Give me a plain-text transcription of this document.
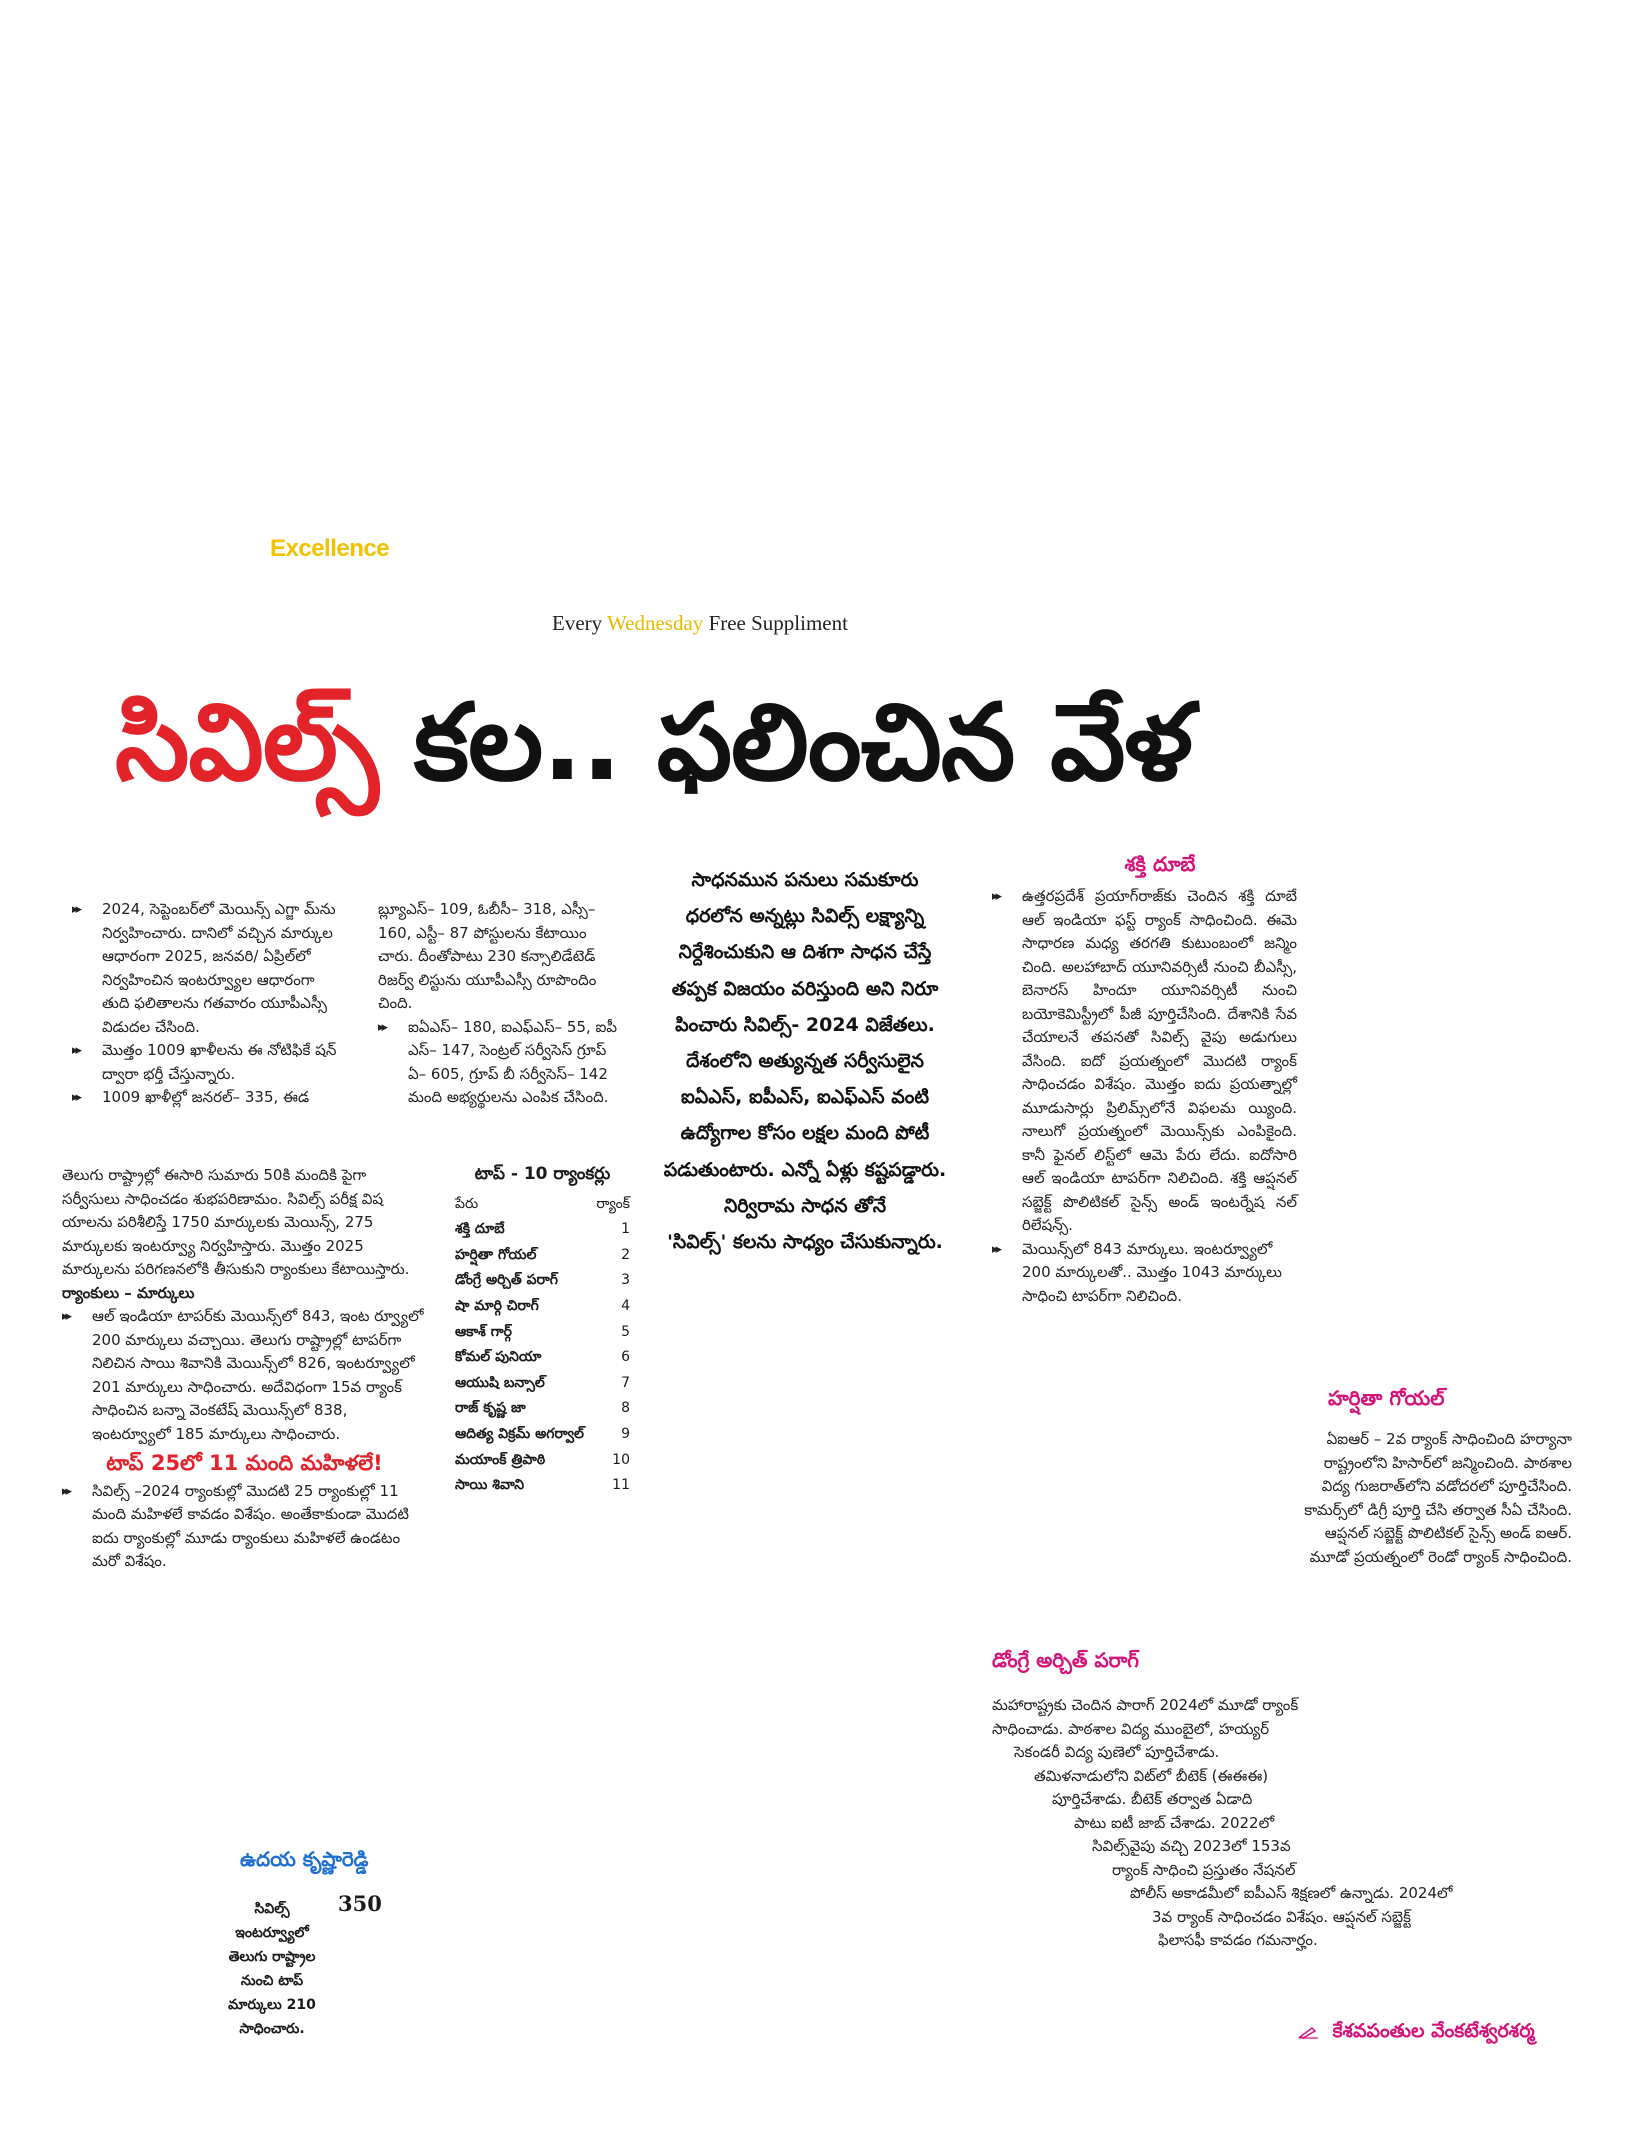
Excellence
Every Wednesday Free Suppliment
సివిల్స్ కల.. ఫలించిన వేళ

▸▸ 2024, సెప్టెంబర్‌లో మెయిన్స్ ఎగ్జా మ్‌ను నిర్వహించారు. దానిలో వచ్చిన మార్కుల ఆధారంగా 2025, జనవరి/ ఏప్రిల్‌లో నిర్వహించిన ఇంటర్వ్యూల ఆధారంగా తుది ఫలితాలను గతవారం యూపీఎస్సీ విడుదల చేసింది.

▸▸ మొత్తం 1009 ఖాళీలను ఈ నోటిఫికే షన్ ద్వారా భర్తీ చేస్తున్నారు.

▸▸ 1009 ఖాళీల్లో జనరల్– 335, ఈడ

బ్ల్యూఎస్– 109, ఓబీసీ– 318, ఎస్సీ– 160, ఎస్టీ– 87 పోస్టులను కేటాయిం చారు. దీంతోపాటు 230 కన్సాలిడేటెడ్ రిజర్వ్ లిస్టును యూపీఎస్సీ రూపొందిం చింది.

▸▸ ఐఏఎస్– 180, ఐఎఫ్ఎస్– 55, ఐపీ ఎస్– 147, సెంట్రల్ సర్వీసెస్ గ్రూప్ ఏ– 605, గ్రూప్ బీ సర్వీసెస్– 142 మంది అభ్యర్థులను ఎంపిక చేసింది.

తెలుగు రాష్ట్రాల్లో ఈసారి సుమారు 50కి మందికి పైగా సర్వీసులు సాధించడం శుభపరిణామం. సివిల్స్ పరీక్ష విష యాలను పరిశీలిస్తే 1750 మార్కులకు మెయిన్స్, 275 మార్కులకు ఇంటర్వ్యూ నిర్వహిస్తారు. మొత్తం 2025 మార్కులను పరిగణనలోకి తీసుకుని ర్యాంకులు కేటాయిస్తారు.

ర్యాంకులు – మార్కులు

▸▸ ఆల్ ఇండియా టాపర్‌కు మెయిన్స్‌లో 843, ఇంట ర్వ్యూలో 200 మార్కులు వచ్చాయి. తెలుగు రాష్ట్రాల్లో టాపర్‌గా నిలిచిన సాయి శివానికి మెయిన్స్‌లో 826, ఇంటర్వ్యూలో 201 మార్కులు సాధించారు. అదేవిధంగా 15వ ర్యాంక్ సాధించిన బన్నా వెంకటేష్ మెయిన్స్‌లో 838, ఇంటర్వ్యూలో 185 మార్కులు సాధించారు.

టాప్ 25లో 11 మంది మహిళలే!

▸▸ సివిల్స్ –2024 ర్యాంకుల్లో మొదటి 25 ర్యాంకుల్లో 11 మంది మహిళలే కావడం విశేషం. అంతేకాకుండా మొదటి ఐదు ర్యాంకుల్లో మూడు ర్యాంకులు మహిళలే ఉండటం మరో విశేషం.

టాప్ - 10 ర్యాంకర్లు
పేరు	ర్యాంక్
శక్తి దూబే	1
హర్షితా గోయల్	2
డోంగ్రే అర్చిత్ పరాగ్	3
షా మార్గి చిరాగ్	4
ఆకాశ్ గార్గ్	5
కోమల్ పునియా	6
ఆయుషి బన్సాల్	7
రాజ్ కృష్ణ జా	8
ఆదిత్య విక్రమ్ అగర్వాల్	9
మయాంక్ త్రిపాఠి	10
సాయి శివాని	11
సాధనమున పనులు సమకూరు
ధరలోన అన్నట్లు సివిల్స్ లక్ష్యాన్ని
నిర్దేశించుకుని ఆ దిశగా సాధన చేస్తే
తప్పక విజయం వరిస్తుంది అని నిరూ
పించారు సివిల్స్- 2024 విజేతలు.
దేశంలోని అత్యున్నత సర్వీసులైన
ఐఏఎస్, ఐపీఎస్, ఐఎఫ్ఎస్ వంటి
ఉద్యోగాల కోసం లక్షల మంది పోటీ
పడుతుంటారు. ఎన్నో ఏళ్లు కష్టపడ్డారు.
నిర్విరామ సాధన తోనే
'సివిల్స్' కలను సాధ్యం చేసుకున్నారు.
శక్తి దూబే

▸▸ ఉత్తరప్రదేశ్ ప్రయాగ్‌రాజ్‌కు చెందిన శక్తి దూబే ఆల్ ఇండియా ఫస్ట్ ర్యాంక్ సాధించింది. ఈమె సాధారణ మధ్య తరగతి కుటుంబంలో జన్మిం చింది. అలహాబాద్ యూనివర్సిటీ నుంచి బీఎస్సీ, బెనారస్ హిందూ యూనివర్సిటీ నుంచి బయోకెమిస్ట్రీలో పీజీ పూర్తిచేసింది. దేశానికి సేవ చేయాలనే తపనతో సివిల్స్ వైపు అడుగులు వేసింది. ఐదో ప్రయత్నంలో మొదటి ర్యాంక్ సాధించడం విశేషం. మొత్తం ఐదు ప్రయత్నాల్లో మూడుసార్లు ప్రిలిమ్స్‌లోనే విఫలమ య్యింది. నాలుగో ప్రయత్నంలో మెయిన్స్‌కు ఎంపికైంది. కానీ ఫైనల్ లిస్ట్‌లో ఆమె పేరు లేదు. ఐదోసారి ఆల్ ఇండియా టాపర్‌గా నిలిచింది. శక్తి ఆప్షనల్ సబ్జెక్ట్ పొలిటికల్ సైన్స్ అండ్ ఇంటర్నేష నల్ రిలేషన్స్.

▸▸ మెయిన్స్‌లో 843 మార్కులు. ఇంటర్వ్యూలో 200 మార్కులతో‌.. మొత్తం 1043 మార్కులు సాధించి టాపర్‌గా నిలిచింది.

హర్షితా గోయల్
ఏఐఆర్ – 2వ ర్యాంక్ సాధించింది హర్యానా
రాష్ట్రంలోని హిసార్‌లో జన్మించింది. పాఠశాల
విద్య గుజరాత్‌లోని వడోదరలో పూర్తిచేసింది.
కామర్స్‌లో డిగ్రీ పూర్తి చేసి తర్వాత సీఏ చేసింది.
ఆప్షనల్ సబ్జెక్ట్ పొలిటికల్ సైన్స్ అండ్ ఐఆర్.
మూడో ప్రయత్నంలో రెండో ర్యాంక్ సాధించింది.
డోంగ్రే అర్చిత్ పరాగ్
మహారాష్ట్రకు చెందిన పారాగ్ 2024లో మూడో ర్యాంక్
సాధించాడు. పాఠశాల విద్య ముంబైలో, హయ్యర్
సెకండరీ విద్య పుణెలో పూర్తిచేశాడు.
తమిళనాడులోని విట్‌లో బీటెక్ (ఈఈఈ)
పూర్తిచేశాడు. బీటెక్ తర్వాత ఏడాది
పాటు ఐటీ జాబ్ చేశాడు. 2022లో
సివిల్స్‌వైపు వచ్చి 2023లో 153వ
ర్యాంక్ సాధించి ప్రస్తుతం నేషనల్
పోలీస్ అకాడమీలో ఐపీఎస్ శిక్షణలో ఉన్నాడు. 2024లో
3వ ర్యాంక్ సాధించడం విశేషం. ఆప్షనల్ సబ్జెక్ట్
ఫిలాసఫీ కావడం గమనార్హం.
ఉదయ కృష్ణారెడ్డి
350
సివిల్స్
ఇంటర్వ్యూలో
తెలుగు రాష్ట్రాల
నుంచి టాప్
మార్కులు 210
సాధించారు.	కేశవపంతుల వేంకటేశ్వరశర్మ
